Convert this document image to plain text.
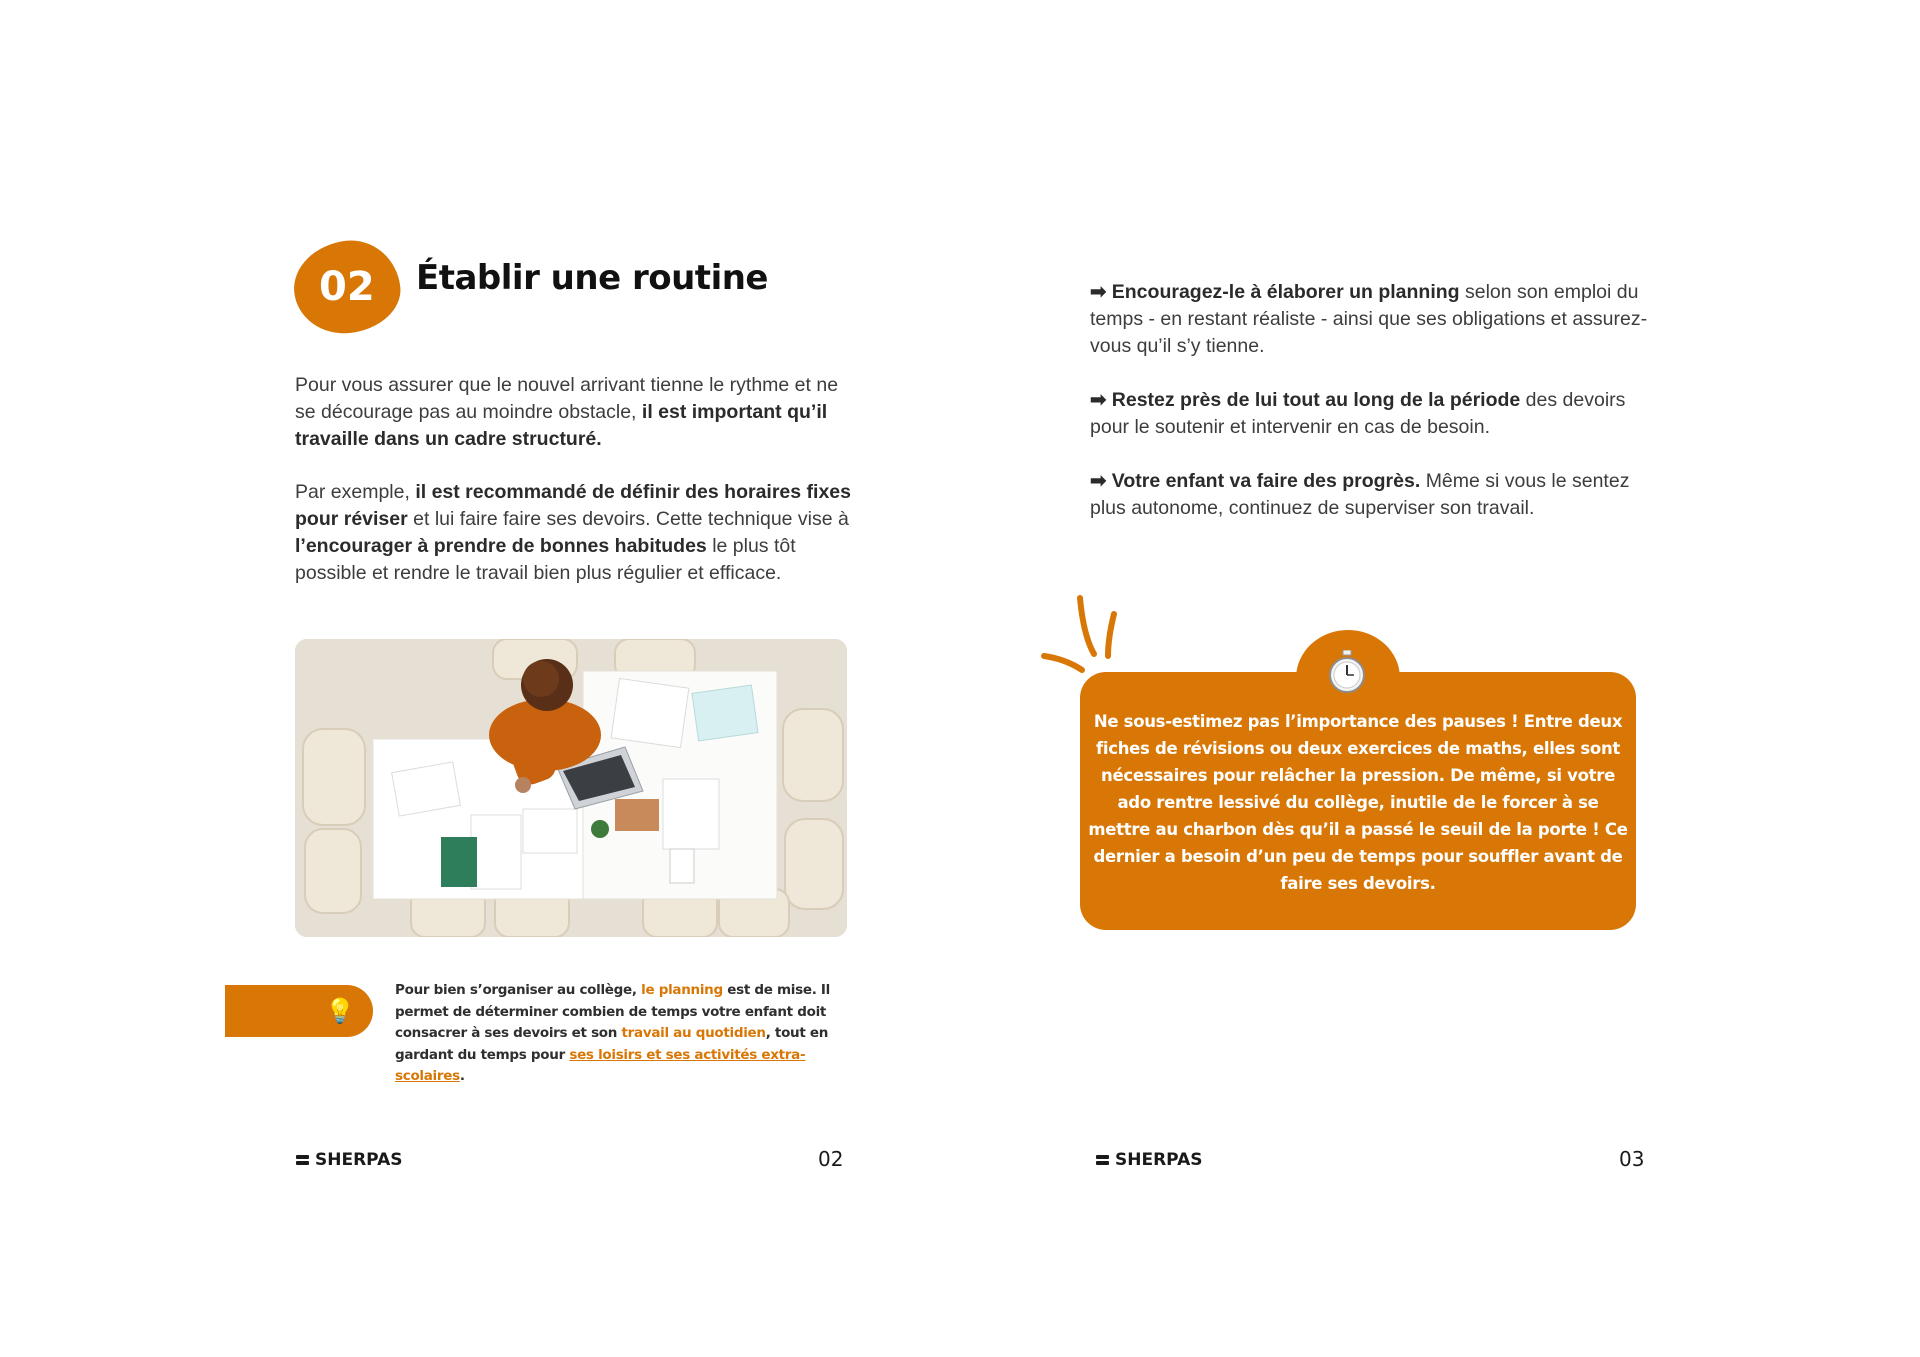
02 Établir une routine

Pour vous assurer que le nouvel arrivant tienne le rythme et ne se décourage pas au moindre obstacle, il est important qu’il travaille dans un cadre structuré.

Par exemple, il est recommandé de définir des horaires fixes pour réviser et lui faire faire ses devoirs. Cette technique vise à l’encourager à prendre de bonnes habitudes le plus tôt possible et rendre le travail bien plus régulier et efficace.

💡

Pour bien s’organiser au collège, le planning est de mise. Il permet de déterminer combien de temps votre enfant doit consacrer à ses devoirs et son travail au quotidien, tout en gardant du temps pour ses loisirs et ses activités extra-scolaires.

SHERPAS	02

➡ Encouragez-le à élaborer un planning selon son emploi du temps - en restant réaliste - ainsi que ses obligations et assurez-vous qu’il s’y tienne.

➡ Restez près de lui tout au long de la période des devoirs pour le soutenir et intervenir en cas de besoin.

➡ Votre enfant va faire des progrès. Même si vous le sentez plus autonome, continuez de superviser son travail.

Ne sous-estimez pas l’importance des pauses ! Entre deux fiches de révisions ou deux exercices de maths, elles sont nécessaires pour relâcher la pression. De même, si votre ado rentre lessivé du collège, inutile de le forcer à se mettre au charbon dès qu’il a passé le seuil de la porte ! Ce dernier a besoin d’un peu de temps pour souffler avant de faire ses devoirs.

SHERPAS	03
